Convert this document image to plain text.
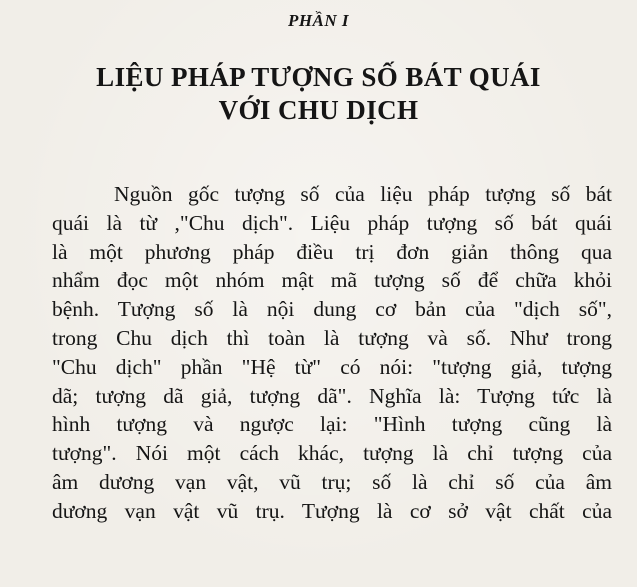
PHẦN I
LIỆU PHÁP TƯỢNG SỐ BÁT QUÁI
VỚI CHU DỊCH
Nguồn gốc tượng số của liệu pháp tượng số bát
quái là từ ,"Chu dịch". Liệu pháp tượng số bát quái
là một phương pháp điều trị đơn giản thông qua
nhẩm đọc một nhóm mật mã tượng số để chữa khỏi
bệnh. Tượng số là nội dung cơ bản của "dịch số",
trong Chu dịch thì toàn là tượng và số. Như trong
"Chu dịch" phần "Hệ từ" có nói: "tượng giả, tượng
dã; tượng dã giả, tượng dã". Nghĩa là: Tượng tức là
hình tượng và ngược lại: "Hình tượng cũng là
tượng". Nói một cách khác, tượng là chỉ tượng của
âm dương vạn vật, vũ trụ; số là chỉ số của âm
dương vạn vật vũ trụ. Tượng là cơ sở vật chất của
